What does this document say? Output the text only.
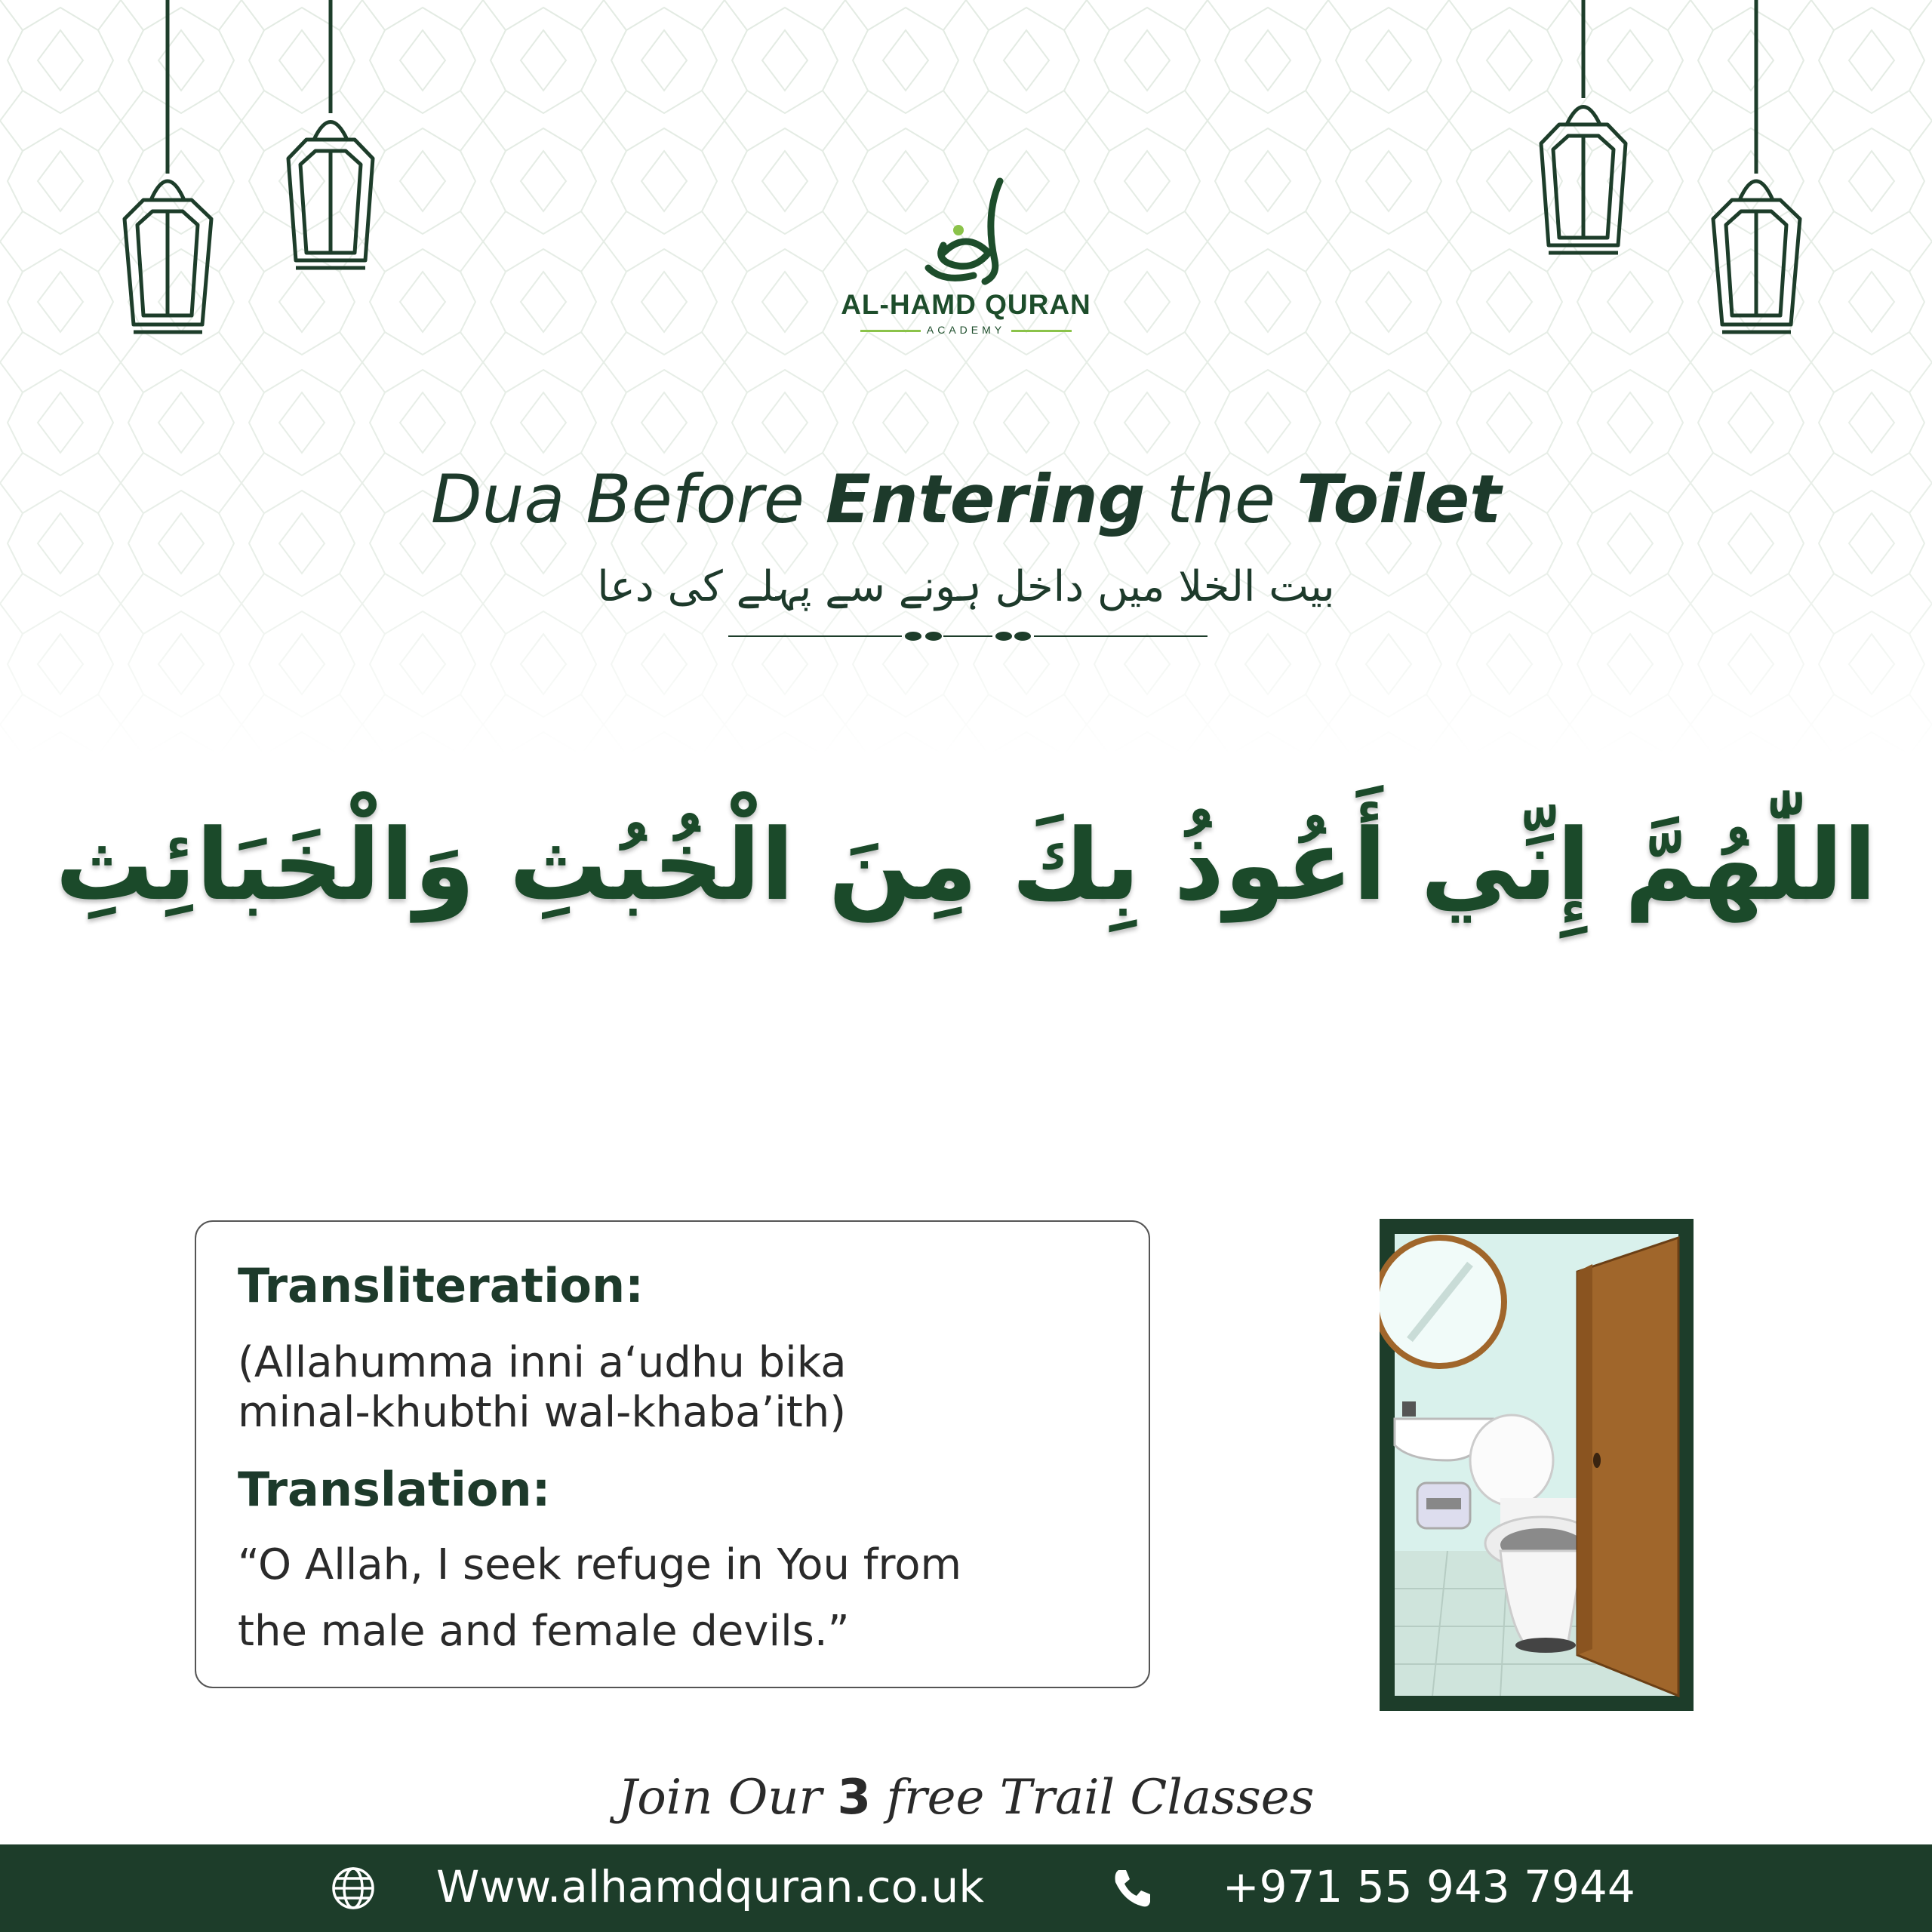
AL-HAMD QURAN
ACADEMY
Dua Before Entering the Toilet
بیت الخلا میں داخل ہونے سے پہلے کی دعا
اللّٰهُمَّ إِنِّي أَعُوذُ بِكَ مِنَ الْخُبُثِ وَالْخَبَائِثِ
Transliteration:
(Allahumma inni a‘udhu bika
minal-khubthi wal-khaba’ith)
Translation:
“O Allah, I seek refuge in You from
the male and female devils.”
Join Our 3 free Trail Classes
Www.alhamdquran.co.uk	+971 55 943 7944
